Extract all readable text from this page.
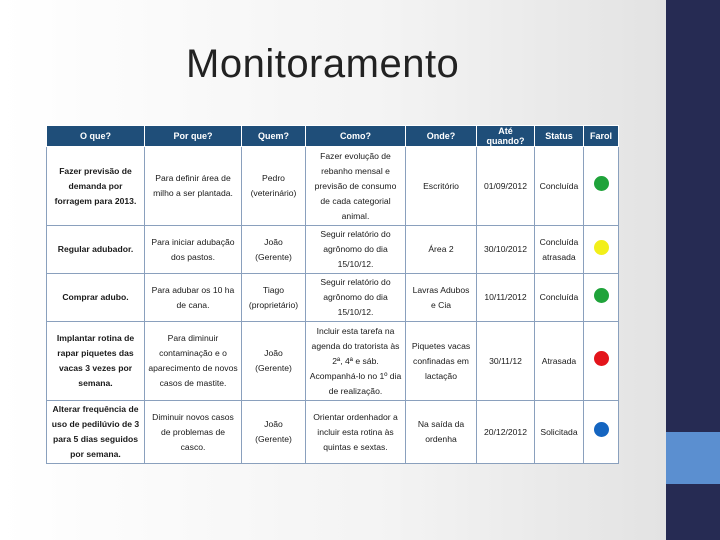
Monitoramento
O que?	Por que?	Quem?	Como?	Onde?	Até quando?	Status	Farol
Fazer previsão de demanda por forragem para 2013.	Para definir área de milho a ser plantada.	Pedro (veterinário)	Fazer evolução de rebanho mensal e previsão de consumo de cada categorial animal.	Escritório	01/09/2012	Concluída	
Regular adubador.	Para iniciar adubação dos pastos.	João (Gerente)	Seguir relatório do agrônomo do dia 15/10/12.	Área 2	30/10/2012	Concluída atrasada	
Comprar adubo.	Para adubar os 10 ha de cana.	Tiago (proprietário)	Seguir relatório do agrônomo do dia 15/10/12.	Lavras Adubos e Cia	10/11/2012	Concluída	
Implantar rotina de rapar piquetes das vacas 3 vezes por semana.	Para diminuir contaminação e o aparecimento de novos casos de mastite.	João (Gerente)	Incluir esta tarefa na agenda do tratorista às 2ª, 4ª e sáb. Acompanhá-lo no 1º dia de realização.	Piquetes vacas confinadas em lactação	30/11/12	Atrasada	
Alterar frequência de uso de pedilúvio de 3 para 5 dias seguidos por semana.	Diminuir novos casos de problemas de casco.	João (Gerente)	Orientar ordenhador a incluir esta rotina às quintas e sextas.	Na saída da ordenha	20/12/2012	Solicitada	
